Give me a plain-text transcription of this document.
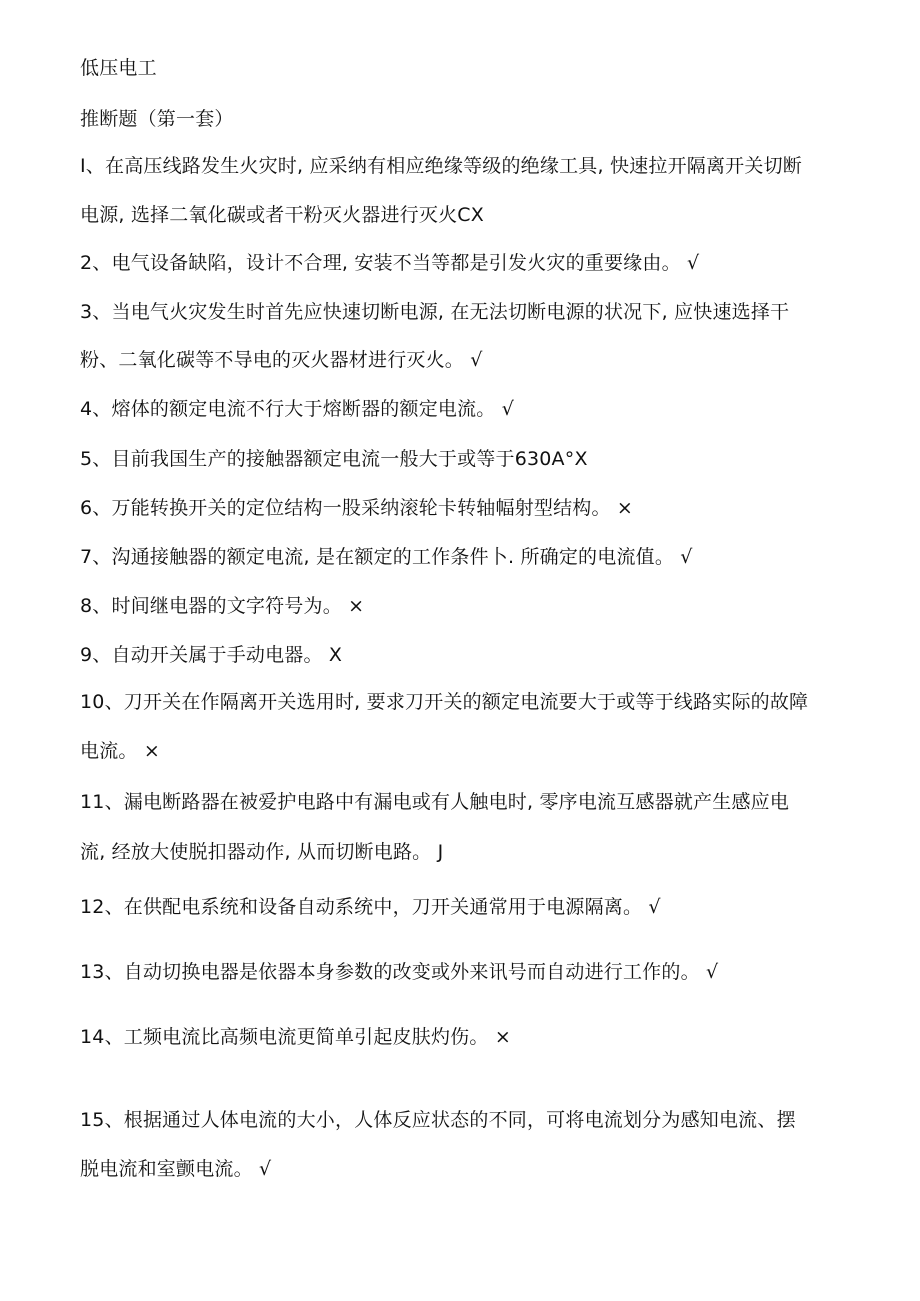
低压电工
推断题（第一套）
I、在高压线路发生火灾时, 应采纳有相应绝缘等级的绝缘工具, 快速拉开隔离开关切断
电源, 选择二氧化碳或者干粉灭火器进行灭火CX
2、电气设备缺陷，设计不合理, 安装不当等都是引发火灾的重要缘由。 √
3、当电气火灾发生时首先应快速切断电源, 在无法切断电源的状况下, 应快速选择干
粉、二氧化碳等不导电的灭火器材进行灭火。 √
4、熔体的额定电流不行大于熔断器的额定电流。 √
5、目前我国生产的接触器额定电流一般大于或等于630A°X
6、万能转换开关的定位结构一股采纳滚轮卡转轴幅射型结构。 ×
7、沟通接触器的额定电流, 是在额定的工作条件卜. 所确定的电流值。 √
8、时间继电器的文字符号为。 ×
9、自动开关属于手动电器。 X
10、刀开关在作隔离开关选用时, 要求刀开关的额定电流要大于或等于线路实际的故障
电流。 ×
11、漏电断路器在被爱护电路中有漏电或有人触电时, 零序电流互感器就产生感应电
流, 经放大使脱扣器动作, 从而切断电路。 J
12、在供配电系统和设备自动系统中，刀开关通常用于电源隔离。 √
13、自动切换电器是依器本身参数的改变或外来讯号而自动进行工作的。 √
14、工频电流比高频电流更简单引起皮肤灼伤。 ×
15、根据通过人体电流的大小，人体反应状态的不同，可将电流划分为感知电流、摆
脱电流和室颤电流。 √
